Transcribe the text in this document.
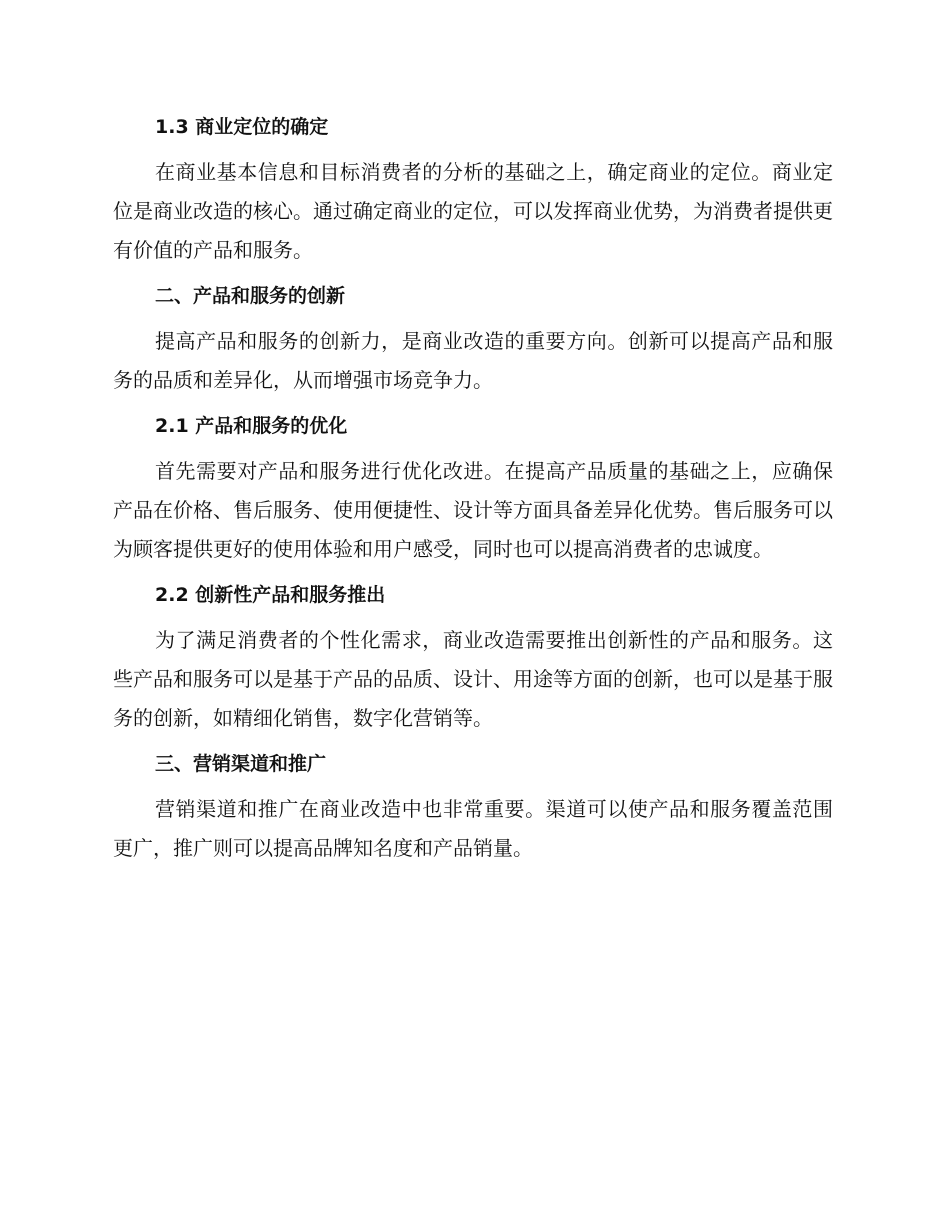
1.3 商业定位的确定

在商业基本信息和目标消费者的分析的基础之上，确定商业的定位。商业定位是商业改造的核心。通过确定商业的定位，可以发挥商业优势，为消费者提供更有价值的产品和服务。

二、产品和服务的创新

提高产品和服务的创新力，是商业改造的重要方向。创新可以提高产品和服务的品质和差异化，从而增强市场竞争力。

2.1 产品和服务的优化

首先需要对产品和服务进行优化改进。在提高产品质量的基础之上，应确保产品在价格、售后服务、使用便捷性、设计等方面具备差异化优势。售后服务可以为顾客提供更好的使用体验和用户感受，同时也可以提高消费者的忠诚度。

2.2 创新性产品和服务推出

为了满足消费者的个性化需求，商业改造需要推出创新性的产品和服务。这些产品和服务可以是基于产品的品质、设计、用途等方面的创新，也可以是基于服务的创新，如精细化销售，数字化营销等。

三、营销渠道和推广

营销渠道和推广在商业改造中也非常重要。渠道可以使产品和服务覆盖范围更广，推广则可以提高品牌知名度和产品销量。
